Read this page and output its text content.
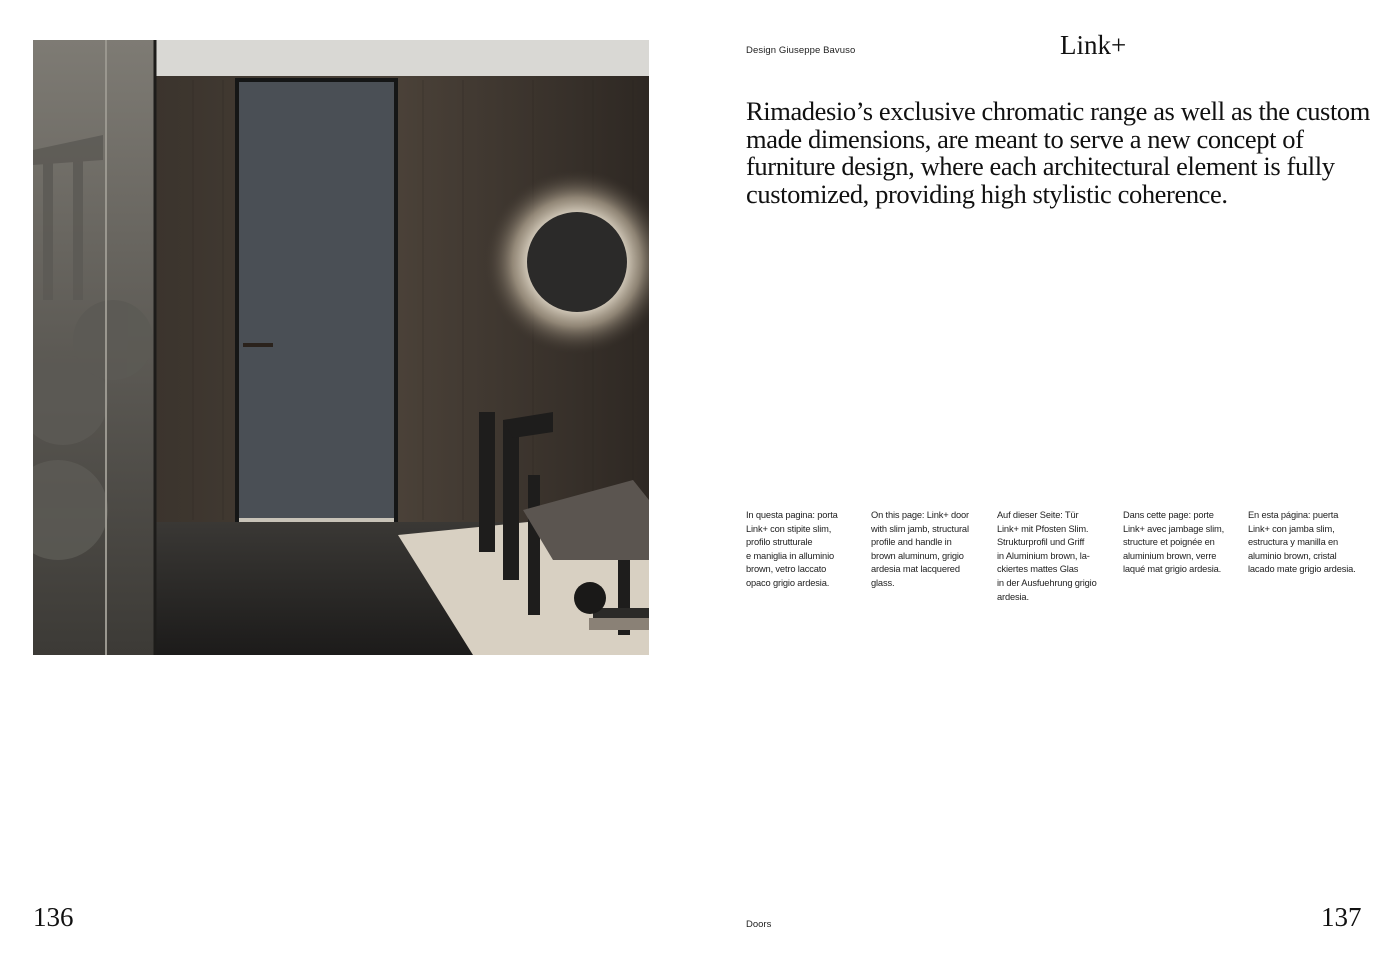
Design Giuseppe Bavuso	Link+
Rimadesio’s exclusive chromatic range as well as the custom made dimensions, are meant to serve a new concept of furniture design, where each architectural element is fully customized, providing high stylistic coherence.
In questa pagina: porta
Link+ con stipite slim,
profilo strutturale
e maniglia in alluminio
brown, vetro laccato
opaco grigio ardesia.
On this page: Link+ door
with slim jamb, structural
profile and handle in
brown aluminum, grigio
ardesia mat lacquered
glass.
Auf dieser Seite: Tür
Link+ mit Pfosten Slim.
Strukturprofil und Griff
in Aluminium brown, la-
ckiertes mattes Glas
in der Ausfuehrung grigio
ardesia.
Dans cette page: porte
Link+ avec jambage slim,
structure et poignée en
aluminium brown, verre
laqué mat grigio ardesia.
En esta página: puerta
Link+ con jamba slim,
estructura y manilla en
aluminio brown, cristal
lacado mate grigio ardesia.
136	Doors	137
